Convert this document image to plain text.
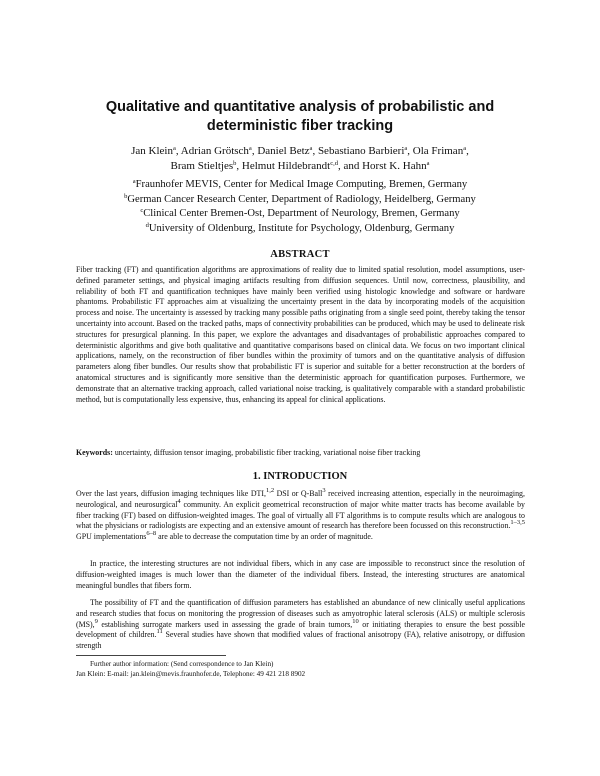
Qualitative and quantitative analysis of probabilistic and deterministic fiber tracking
Jan Klein$^a$, Adrian Grötsch$^a$, Daniel Betz$^a$, Sebastiano Barbieri$^a$, Ola Friman$^a$,
Bram Stieltjes$^b$, Helmut Hildebrandt$^{c,d}$, and Horst K. Hahn$^a$
$^a$Fraunhofer MEVIS, Center for Medical Image Computing, Bremen, Germany
$^b$German Cancer Research Center, Department of Radiology, Heidelberg, Germany
$^c$Clinical Center Bremen-Ost, Department of Neurology, Bremen, Germany
$^d$University of Oldenburg, Institute for Psychology, Oldenburg, Germany
ABSTRACT

Fiber tracking (FT) and quantification algorithms are approximations of reality due to limited spatial resolution, model assumptions, user-defined parameter settings, and physical imaging artifacts resulting from diffusion sequences. Until now, correctness, plausibility, and reliability of both FT and quantification techniques have mainly been verified using histologic knowledge and software or hardware phantoms. Probabilistic FT approaches aim at visualizing the uncertainty present in the data by incorporating models of the acquisition process and noise. The uncertainty is assessed by tracking many possible paths originating from a single seed point, thereby taking the tensor uncertainty into account. Based on the tracked paths, maps of connectivity probabilities can be produced, which may be used to delineate risk structures for presurgical planning. In this paper, we explore the advantages and disadvantages of probabilistic approaches compared to deterministic algorithms and give both qualitative and quantitative comparisons based on clinical data. We focus on two important clinical applications, namely, on the reconstruction of fiber bundles within the proximity of tumors and on the quantitative analysis of diffusion parameters along fiber bundles. Our results show that probabilistic FT is superior and suitable for a better reconstruction at the borders of anatomical structures and is significantly more sensitive than the deterministic approach for quantification purposes. Furthermore, we demonstrate that an alternative tracking approach, called variational noise tracking, is qualitatively comparable with a standard probabilistic method, but is computationally less expensive, thus, enhancing its appeal for clinical applications.

Keywords: uncertainty, diffusion tensor imaging, probabilistic fiber tracking, variational noise fiber tracking

1. INTRODUCTION

Over the last years, diffusion imaging techniques like DTI,$^{1,2}$ DSI or Q-Ball$^3$ received increasing attention, especially in the neuroimaging, neurological, and neurosurgical$^4$ community. An explicit geometrical reconstruction of major white matter tracts has become available by fiber tracking (FT) based on diffusion-weighted images. The goal of virtually all FT algorithms is to compute results which are analogous to what the physicians or radiologists are expecting and an extensive amount of research has therefore been focussed on this reconstruction.$^{1-3,5}$ GPU implementations$^{6-8}$ are able to decrease the computation time by an order of magnitude.

In practice, the interesting structures are not individual fibers, which in any case are impossible to reconstruct since the resolution of diffusion-weighted images is much lower than the diameter of the individual fibers. Instead, the interesting structures are anatomical meaningful bundles that fibers form.

The possibility of FT and the quantification of diffusion parameters has established an abundance of new clinically useful applications and research studies that focus on monitoring the progression of diseases such as amyotrophic lateral sclerosis (ALS) or multiple sclerosis (MS),$^9$ establishing surrogate markers used in assessing the grade of brain tumors,$^{10}$ or initiating therapies to ensure the best possible development of children.$^{11}$ Several studies have shown that modified values of fractional anisotropy (FA), relative anisotropy, or diffusion strength

Further author information: (Send correspondence to Jan Klein)

Jan Klein: E-mail: jan.klein@mevis.fraunhofer.de, Telephone: 49 421 218 8902
